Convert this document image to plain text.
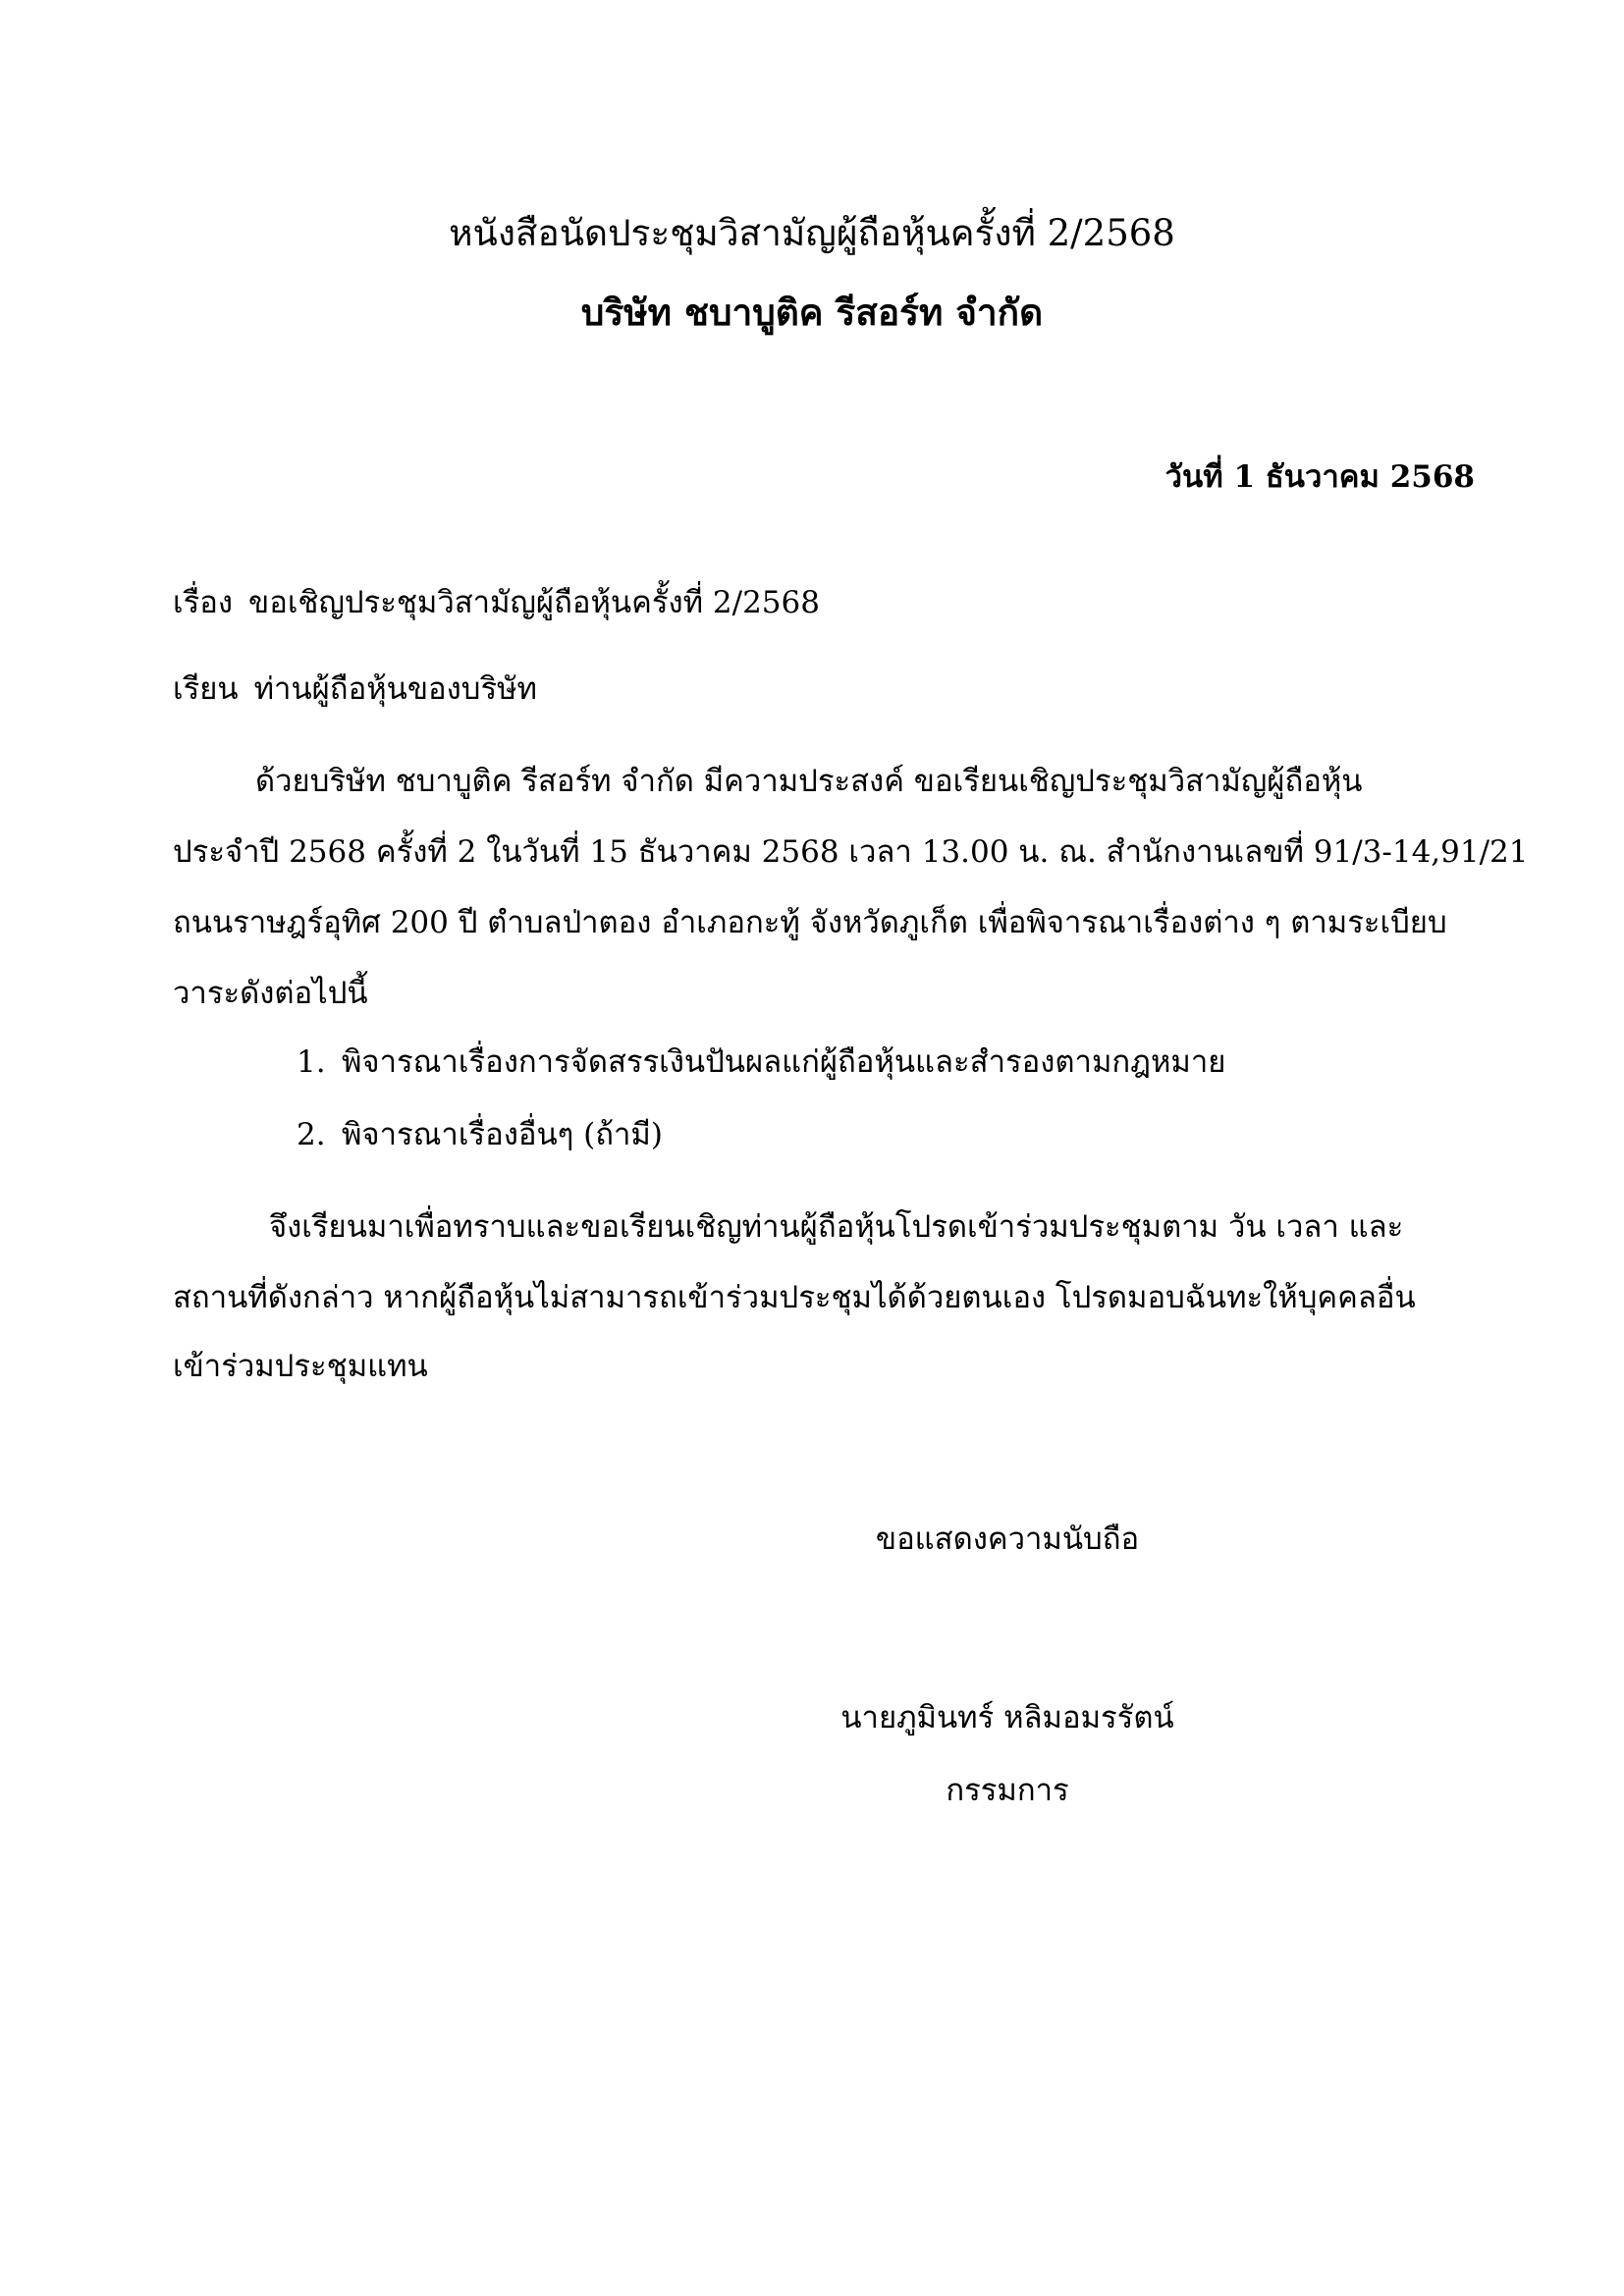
หนังสือนัดประชุมวิสามัญผู้ถือหุ้นครั้งที่ 2/2568
บริษัท ชบาบูติค รีสอร์ท จำกัด
วันที่ 1 ธันวาคม 2568
เรื่อง ขอเชิญประชุมวิสามัญผู้ถือหุ้นครั้งที่ 2/2568
เรียน ท่านผู้ถือหุ้นของบริษัท
ด้วยบริษัท ชบาบูติค รีสอร์ท จำกัด มีความประสงค์ ขอเรียนเชิญประชุมวิสามัญผู้ถือหุ้น
ประจำปี 2568 ครั้งที่ 2 ในวันที่ 15 ธันวาคม 2568 เวลา 13.00 น. ณ. สำนักงานเลขที่ 91/3-14,91/21
ถนนราษฎร์อุทิศ 200 ปี ตำบลป่าตอง อำเภอกะทู้ จังหวัดภูเก็ต เพื่อพิจารณาเรื่องต่าง ๆ ตามระเบียบ
วาระดังต่อไปนี้
1. พิจารณาเรื่องการจัดสรรเงินปันผลแก่ผู้ถือหุ้นและสำรองตามกฎหมาย
2. พิจารณาเรื่องอื่นๆ (ถ้ามี)
จึงเรียนมาเพื่อทราบและขอเรียนเชิญท่านผู้ถือหุ้นโปรดเข้าร่วมประชุมตาม วัน เวลา และ
สถานที่ดังกล่าว หากผู้ถือหุ้นไม่สามารถเข้าร่วมประชุมได้ด้วยตนเอง โปรดมอบฉันทะให้บุคคลอื่น
เข้าร่วมประชุมแทน
ขอแสดงความนับถือ
นายภูมินทร์ หลิมอมรรัตน์
กรรมการ
